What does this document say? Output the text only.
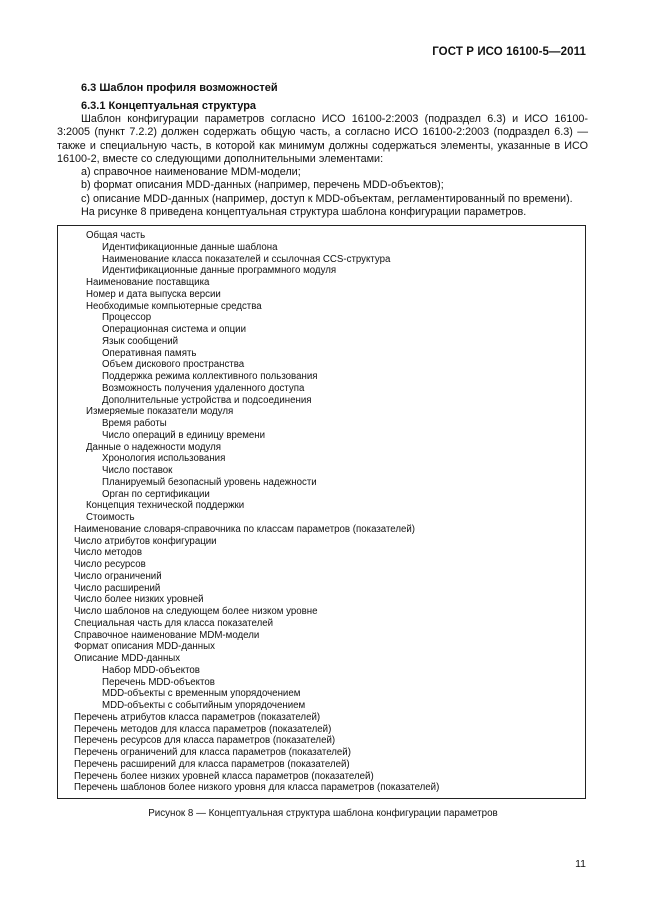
ГОСТ Р ИСО 16100-5—2011
6.3 Шаблон профиля возможностей
6.3.1 Концептуальная структура

Шаблон конфигурации параметров согласно ИСО 16100-2:2003 (подраздел 6.3) и ИСО 16100-3:2005 (пункт 7.2.2) должен содержать общую часть, а согласно ИСО 16100-2:2003 (подраздел 6.3) — также и специальную часть, в которой как минимум должны содержаться элементы, указанные в ИСО 16100-2, вместе со следующими дополнительными элементами:

a) справочное наименование MDM-модели;

b) формат описания MDD-данных (например, перечень MDD-объектов);

c) описание MDD-данных (например, доступ к MDD-объектам, регламентированный по времени).

На рисунке 8 приведена концептуальная структура шаблона конфигурации параметров.

Общая часть
Идентификационные данные шаблона
Наименование класса показателей и ссылочная CCS-структура
Идентификационные данные программного модуля
Наименование поставщика
Номер и дата выпуска версии
Необходимые компьютерные средства
Процессор
Операционная система и опции
Язык сообщений
Оперативная память
Объем дискового пространства
Поддержка режима коллективного пользования
Возможность получения удаленного доступа
Дополнительные устройства и подсоединения
Измеряемые показатели модуля
Время работы
Число операций в единицу времени
Данные о надежности модуля
Хронология использования
Число поставок
Планируемый безопасный уровень надежности
Орган по сертификации
Концепция технической поддержки
Стоимость
Наименование словаря-справочника по классам параметров (показателей)
Число атрибутов конфигурации
Число методов
Число ресурсов
Число ограничений
Число расширений
Число более низких уровней
Число шаблонов на следующем более низком уровне
Специальная часть для класса показателей
Справочное наименование MDM-модели
Формат описания MDD-данных
Описание MDD-данных
Набор MDD-объектов
Перечень MDD-объектов
MDD-объекты с временным упорядочением
MDD-объекты с событийным упорядочением
Перечень атрибутов класса параметров (показателей)
Перечень методов для класса параметров (показателей)
Перечень ресурсов для класса параметров (показателей)
Перечень ограничений для класса параметров (показателей)
Перечень расширений для класса параметров (показателей)
Перечень более низких уровней класса параметров (показателей)
Перечень шаблонов более низкого уровня для класса параметров (показателей)
Рисунок 8 — Концептуальная структура шаблона конфигурации параметров
11
